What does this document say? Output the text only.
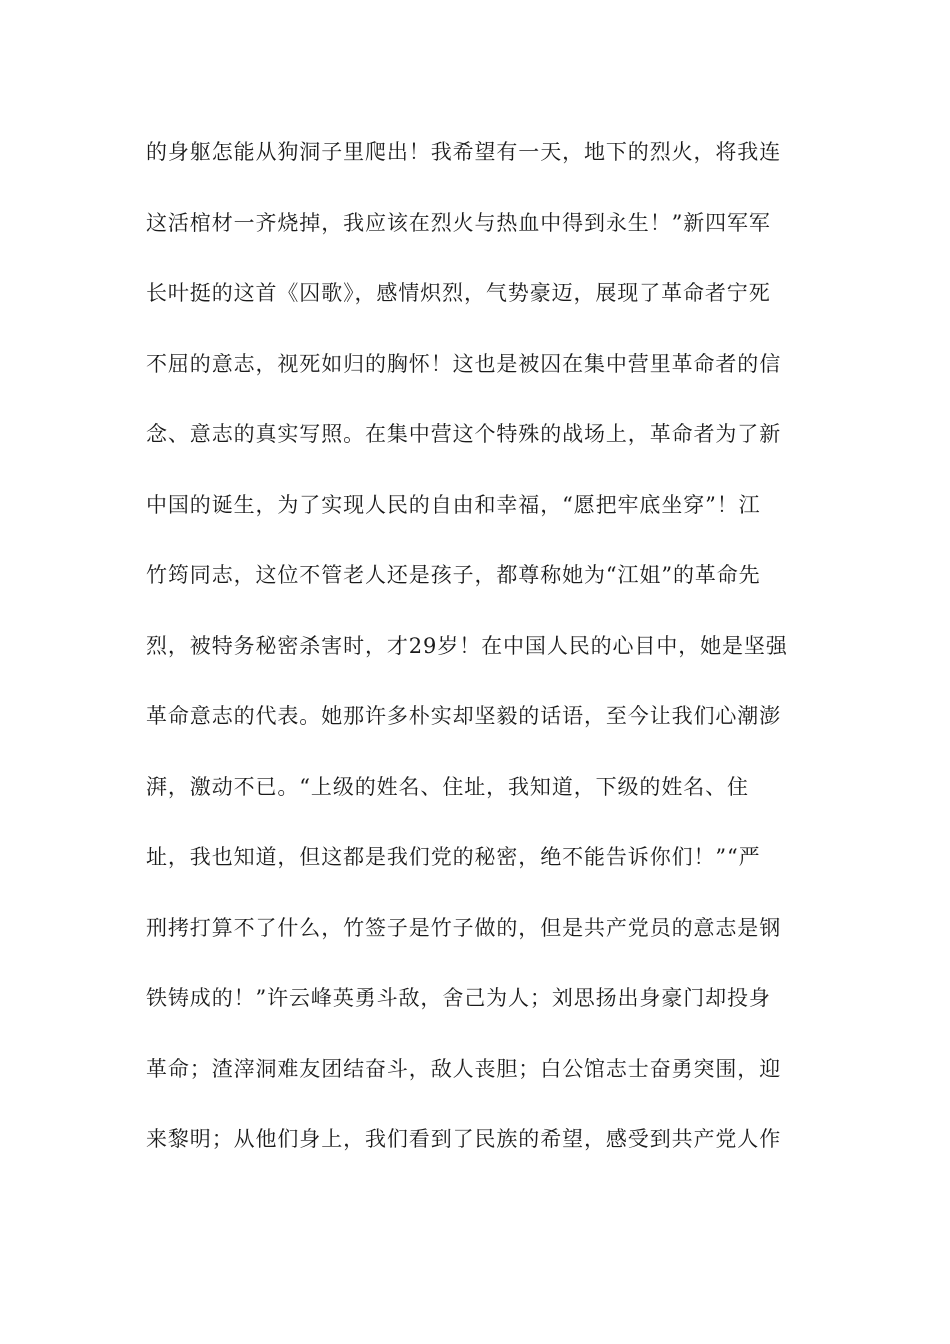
的身躯怎能从狗洞子里爬出！我希望有一天，地下的烈火，将我连
这活棺材一齐烧掉，我应该在烈火与热血中得到永生！”新四军军
长叶挺的这首《囚歌》，感情炽烈，气势豪迈，展现了革命者宁死
不屈的意志，视死如归的胸怀！这也是被囚在集中营里革命者的信
念、意志的真实写照。在集中营这个特殊的战场上，革命者为了新
中国的诞生，为了实现人民的自由和幸福，“愿把牢底坐穿”！江
竹筠同志，这位不管老人还是孩子，都尊称她为“江姐”的革命先
烈，被特务秘密杀害时，才29岁！在中国人民的心目中，她是坚强
革命意志的代表。她那许多朴实却坚毅的话语，至今让我们心潮澎
湃，激动不已。“上级的姓名、住址，我知道，下级的姓名、住
址，我也知道，但这都是我们党的秘密，绝不能告诉你们！”“严
刑拷打算不了什么，竹签子是竹子做的，但是共产党员的意志是钢
铁铸成的！”许云峰英勇斗敌，舍己为人；刘思扬出身豪门却投身
革命；渣滓洞难友团结奋斗，敌人丧胆；白公馆志士奋勇突围，迎
来黎明；从他们身上，我们看到了民族的希望，感受到共产党人作
